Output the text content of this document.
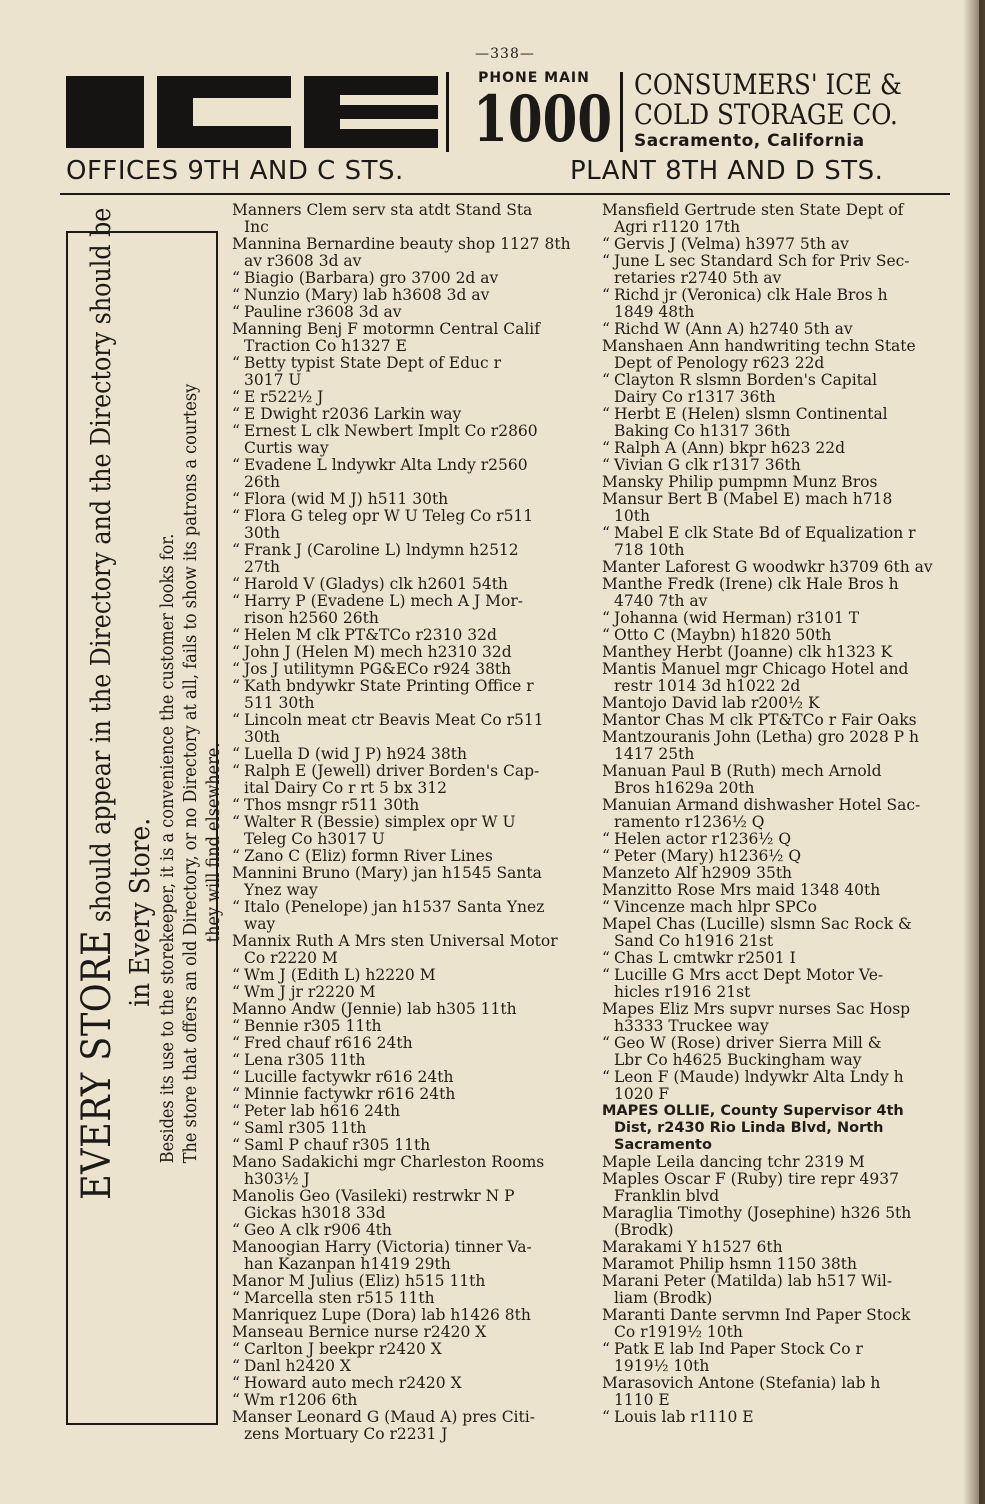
—338—
PHONE MAIN
1000 CONSUMERS' ICE &
COLD STORAGE CO.
Sacramento, California
OFFICES 9TH AND C STS.	PLANT 8TH AND D STS.
EVERY STORE should appear in the Directory and the Directory should be in Every Store. Besides its use to the storekeeper, it is a convenience the customer looks for. The store that offers an old Directory, or no Directory at all, fails to show its patrons a courtesy they will find elsewhere.

Manners Clem serv sta atdt Stand Sta

Inc

Mannina Bernardine beauty shop 1127 8th

av r3608 3d av

“ Biagio (Barbara) gro 3700 2d av

“ Nunzio (Mary) lab h3608 3d av

“ Pauline r3608 3d av

Manning Benj F motormn Central Calif

Traction Co h1327 E

“ Betty typist State Dept of Educ r

3017 U

“ E r522½ J

“ E Dwight r2036 Larkin way

“ Ernest L clk Newbert Implt Co r2860

Curtis way

“ Evadene L lndywkr Alta Lndy r2560

26th

“ Flora (wid M J) h511 30th

“ Flora G teleg opr W U Teleg Co r511

30th

“ Frank J (Caroline L) lndymn h2512

27th

“ Harold V (Gladys) clk h2601 54th

“ Harry P (Evadene L) mech A J Mor-

rison h2560 26th

“ Helen M clk PT&TCo r2310 32d

“ John J (Helen M) mech h2310 32d

“ Jos J utilitymn PG&ECo r924 38th

“ Kath bndywkr State Printing Office r

511 30th

“ Lincoln meat ctr Beavis Meat Co r511

30th

“ Luella D (wid J P) h924 38th

“ Ralph E (Jewell) driver Borden's Cap-

ital Dairy Co r rt 5 bx 312

“ Thos msngr r511 30th

“ Walter R (Bessie) simplex opr W U

Teleg Co h3017 U

“ Zano C (Eliz) formn River Lines

Mannini Bruno (Mary) jan h1545 Santa

Ynez way

“ Italo (Penelope) jan h1537 Santa Ynez

way

Mannix Ruth A Mrs sten Universal Motor

Co r2220 M

“ Wm J (Edith L) h2220 M

“ Wm J jr r2220 M

Manno Andw (Jennie) lab h305 11th

“ Bennie r305 11th

“ Fred chauf r616 24th

“ Lena r305 11th

“ Lucille factywkr r616 24th

“ Minnie factywkr r616 24th

“ Peter lab h616 24th

“ Saml r305 11th

“ Saml P chauf r305 11th

Mano Sadakichi mgr Charleston Rooms

h303½ J

Manolis Geo (Vasileki) restrwkr N P

Gickas h3018 33d

“ Geo A clk r906 4th

Manoogian Harry (Victoria) tinner Va-

han Kazanpan h1419 29th

Manor M Julius (Eliz) h515 11th

“ Marcella sten r515 11th

Manriquez Lupe (Dora) lab h1426 8th

Manseau Bernice nurse r2420 X

“ Carlton J beekpr r2420 X

“ Danl h2420 X

“ Howard auto mech r2420 X

“ Wm r1206 6th

Manser Leonard G (Maud A) pres Citi-

zens Mortuary Co r2231 J

Mansfield Gertrude sten State Dept of

Agri r1120 17th

“ Gervis J (Velma) h3977 5th av

“ June L sec Standard Sch for Priv Sec-

retaries r2740 5th av

“ Richd jr (Veronica) clk Hale Bros h

1849 48th

“ Richd W (Ann A) h2740 5th av

Manshaen Ann handwriting techn State

Dept of Penology r623 22d

“ Clayton R slsmn Borden's Capital

Dairy Co r1317 36th

“ Herbt E (Helen) slsmn Continental

Baking Co h1317 36th

“ Ralph A (Ann) bkpr h623 22d

“ Vivian G clk r1317 36th

Mansky Philip pumpmn Munz Bros

Mansur Bert B (Mabel E) mach h718

10th

“ Mabel E clk State Bd of Equalization r

718 10th

Manter Laforest G woodwkr h3709 6th av

Manthe Fredk (Irene) clk Hale Bros h

4740 7th av

“ Johanna (wid Herman) r3101 T

“ Otto C (Maybn) h1820 50th

Manthey Herbt (Joanne) clk h1323 K

Mantis Manuel mgr Chicago Hotel and

restr 1014 3d h1022 2d

Mantojo David lab r200½ K

Mantor Chas M clk PT&TCo r Fair Oaks

Mantzouranis John (Letha) gro 2028 P h

1417 25th

Manuan Paul B (Ruth) mech Arnold

Bros h1629a 20th

Manuian Armand dishwasher Hotel Sac-

ramento r1236½ Q

“ Helen actor r1236½ Q

“ Peter (Mary) h1236½ Q

Manzeto Alf h2909 35th

Manzitto Rose Mrs maid 1348 40th

“ Vincenze mach hlpr SPCo

Mapel Chas (Lucille) slsmn Sac Rock &

Sand Co h1916 21st

“ Chas L cmtwkr r2501 I

“ Lucille G Mrs acct Dept Motor Ve-

hicles r1916 21st

Mapes Eliz Mrs supvr nurses Sac Hosp

h3333 Truckee way

“ Geo W (Rose) driver Sierra Mill &

Lbr Co h4625 Buckingham way

“ Leon F (Maude) lndywkr Alta Lndy h

1020 F

MAPES OLLIE, County Supervisor 4th

Dist, r2430 Rio Linda Blvd, North

Sacramento

Maple Leila dancing tchr 2319 M

Maples Oscar F (Ruby) tire repr 4937

Franklin blvd

Maraglia Timothy (Josephine) h326 5th

(Brodk)

Marakami Y h1527 6th

Maramot Philip hsmn 1150 38th

Marani Peter (Matilda) lab h517 Wil-

liam (Brodk)

Maranti Dante servmn Ind Paper Stock

Co r1919½ 10th

“ Patk E lab Ind Paper Stock Co r

1919½ 10th

Marasovich Antone (Stefania) lab h

1110 E

“ Louis lab r1110 E
